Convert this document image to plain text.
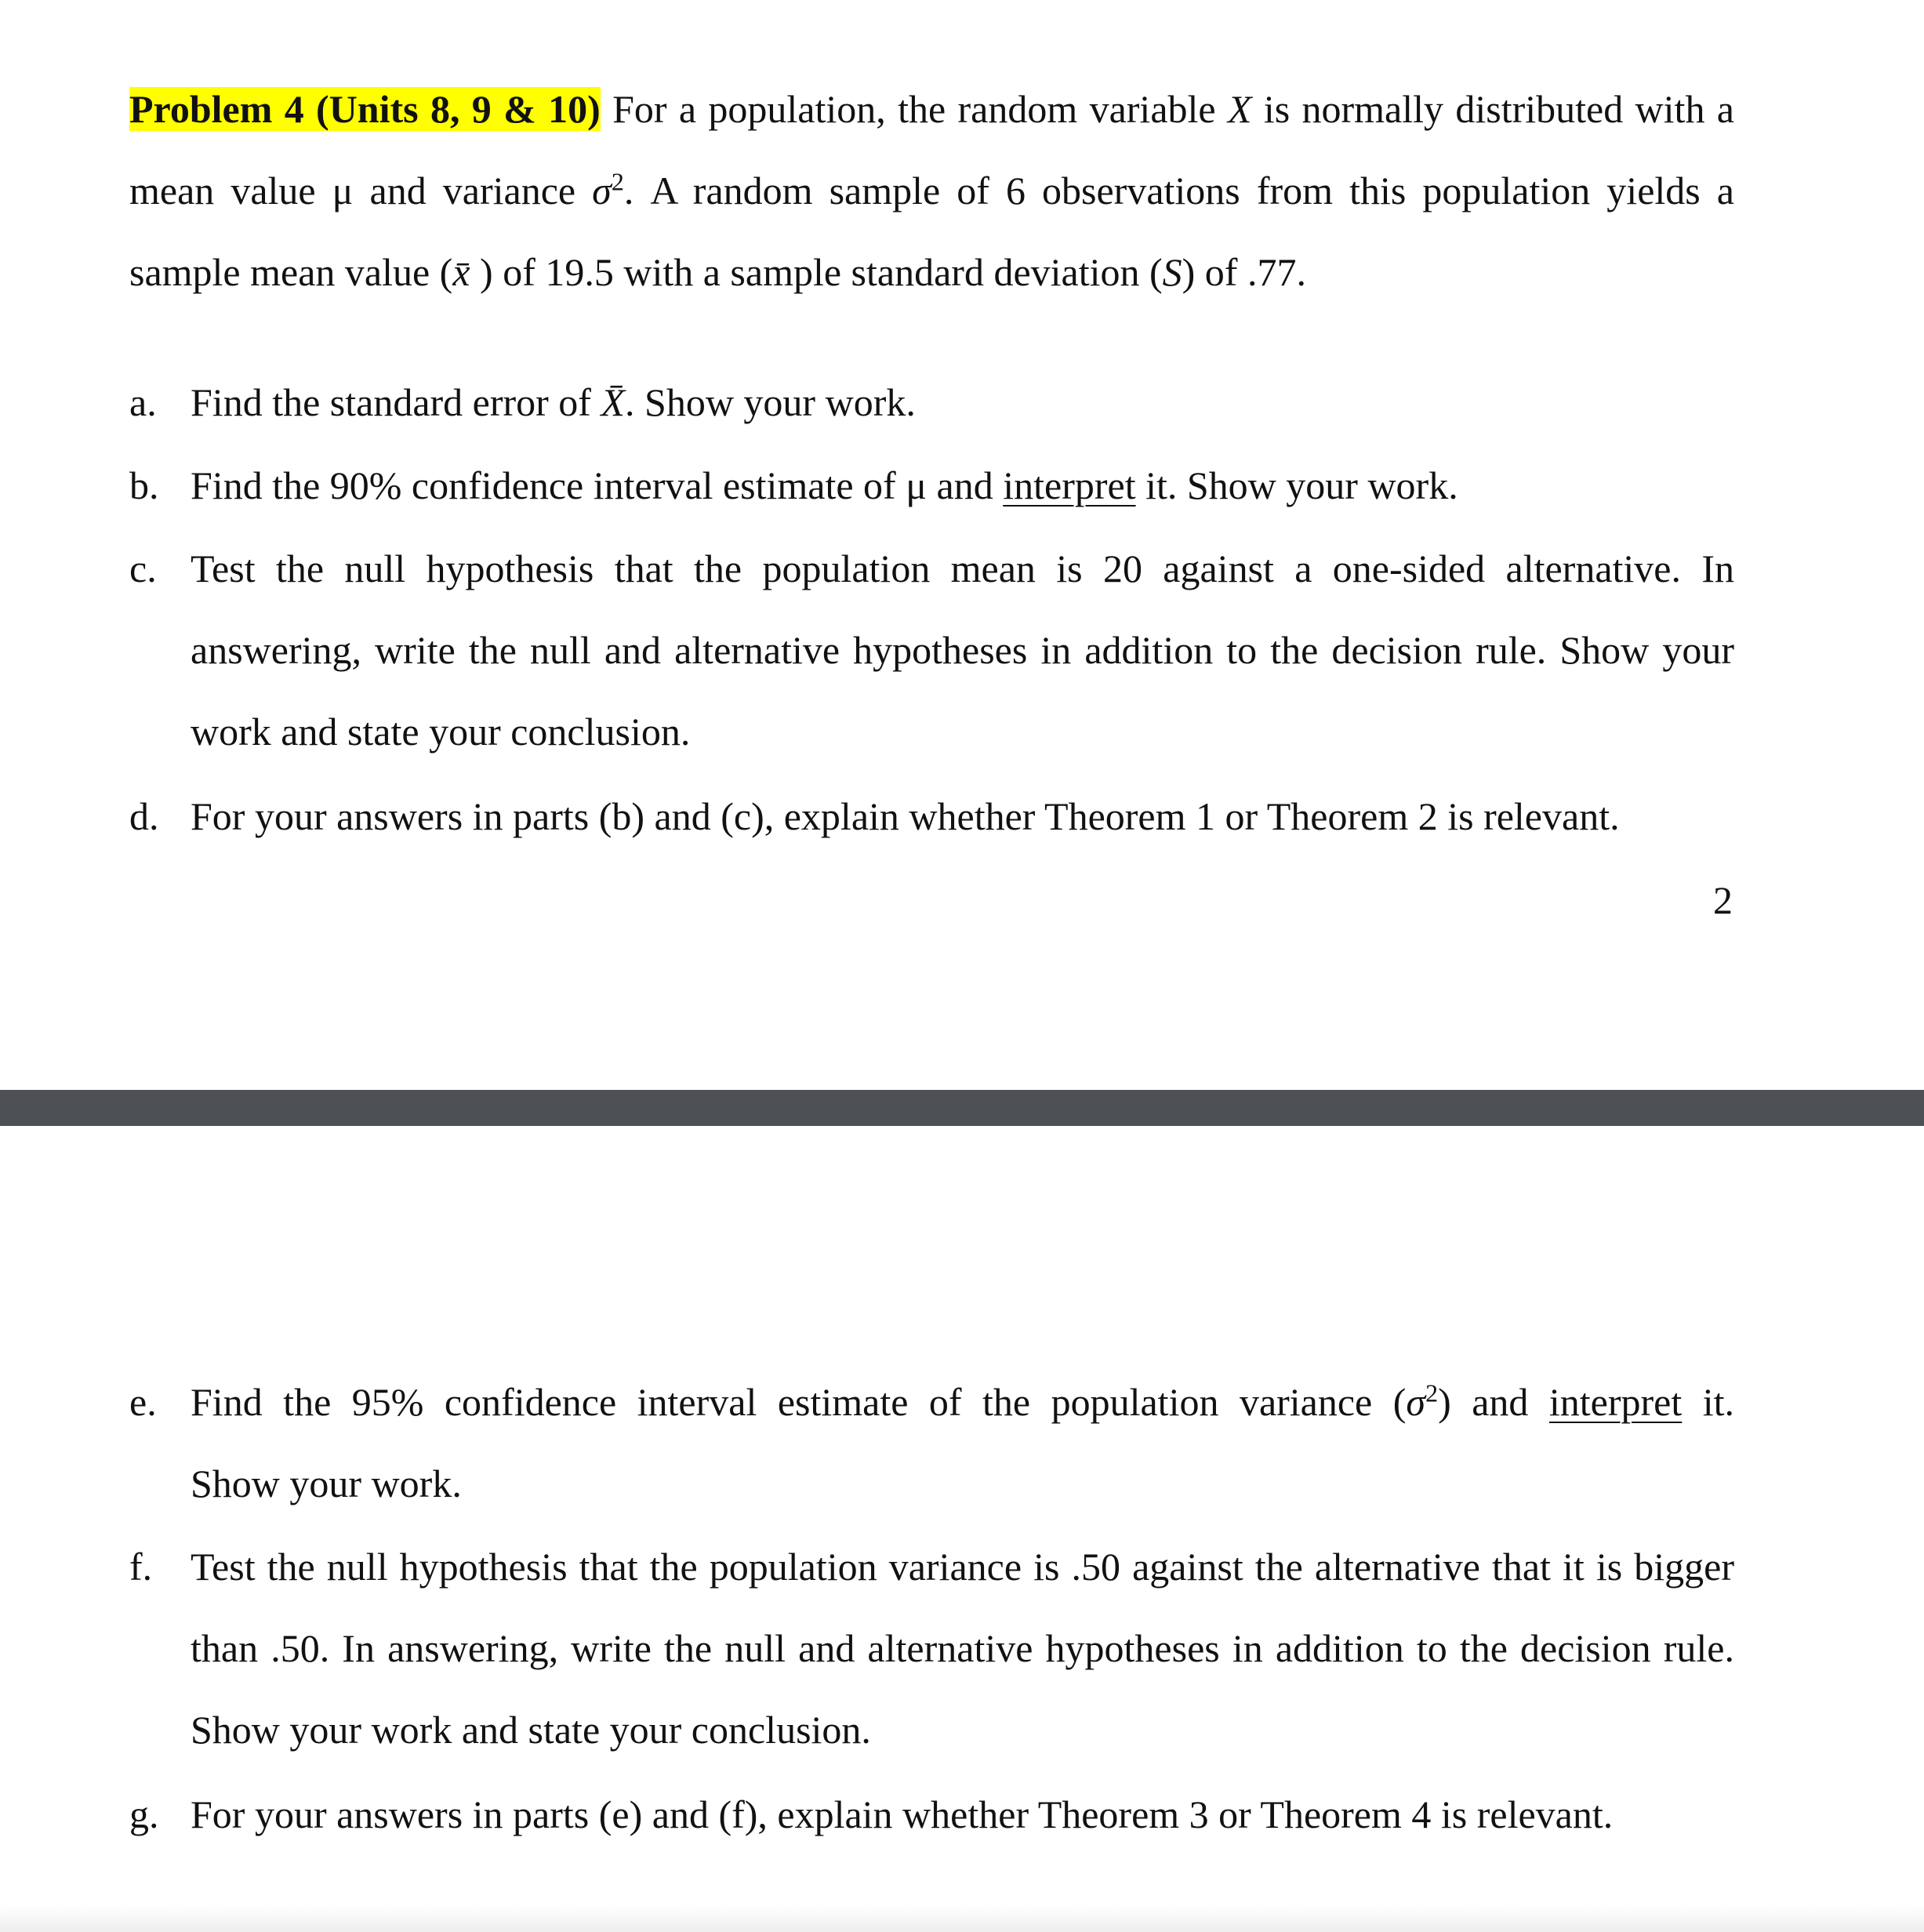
Problem 4 (Units 8, 9 & 10) For a population, the random variable X is normally distributed with a
mean value μ and variance $\sigma^2$. A random sample of 6 observations from this population yields a
sample mean value (x̄ ) of 19.5 with a sample standard deviation (S) of .77.
a. Find the standard error of X̄. Show your work.
b. Find the 90% confidence interval estimate of μ and interpret it. Show your work.
c. Test the null hypothesis that the population mean is 20 against a one-sided alternative. In
answering, write the null and alternative hypotheses in addition to the decision rule. Show your
work and state your conclusion.
d. For your answers in parts (b) and (c), explain whether Theorem 1 or Theorem 2 is relevant.
2
e. Find the 95% confidence interval estimate of the population variance $(\sigma^2)$ and interpret it.
Show your work.
f. Test the null hypothesis that the population variance is .50 against the alternative that it is bigger
than .50. In answering, write the null and alternative hypotheses in addition to the decision rule.
Show your work and state your conclusion.
g. For your answers in parts (e) and (f), explain whether Theorem 3 or Theorem 4 is relevant.
